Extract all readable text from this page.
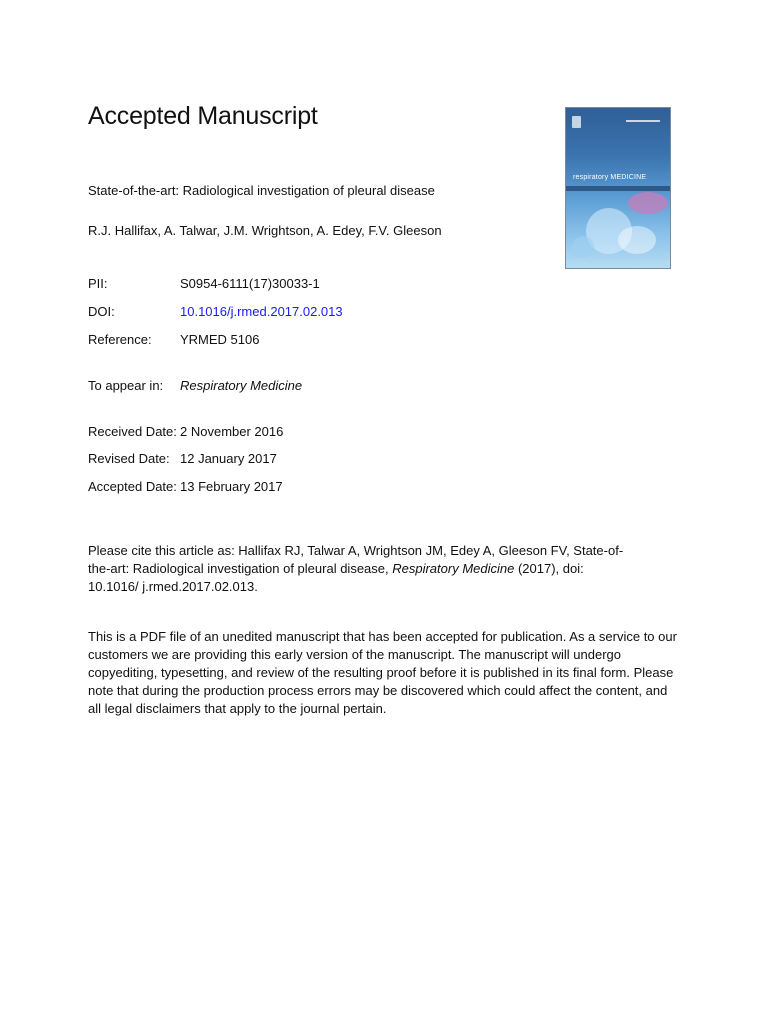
Accepted Manuscript
respiratory MEDICINE
State-of-the-art: Radiological investigation of pleural disease
R.J. Hallifax, A. Talwar, J.M. Wrightson, A. Edey, F.V. Gleeson
PII:	S0954-6111(17)30033-1
DOI:	10.1016/j.rmed.2017.02.013
Reference: YRMED 5106
To appear in: Respiratory Medicine
Received Date: 2 November 2016
Revised Date: 12 January 2017
Accepted Date: 13 February 2017
Please cite this article as: Hallifax RJ, Talwar A, Wrightson JM, Edey A, Gleeson FV, State-of-the-art: Radiological investigation of pleural disease, Respiratory Medicine (2017), doi: 10.1016/ j.rmed.2017.02.013.
This is a PDF file of an unedited manuscript that has been accepted for publication. As a service to our customers we are providing this early version of the manuscript. The manuscript will undergo copyediting, typesetting, and review of the resulting proof before it is published in its final form. Please note that during the production process errors may be discovered which could affect the content, and all legal disclaimers that apply to the journal pertain.
